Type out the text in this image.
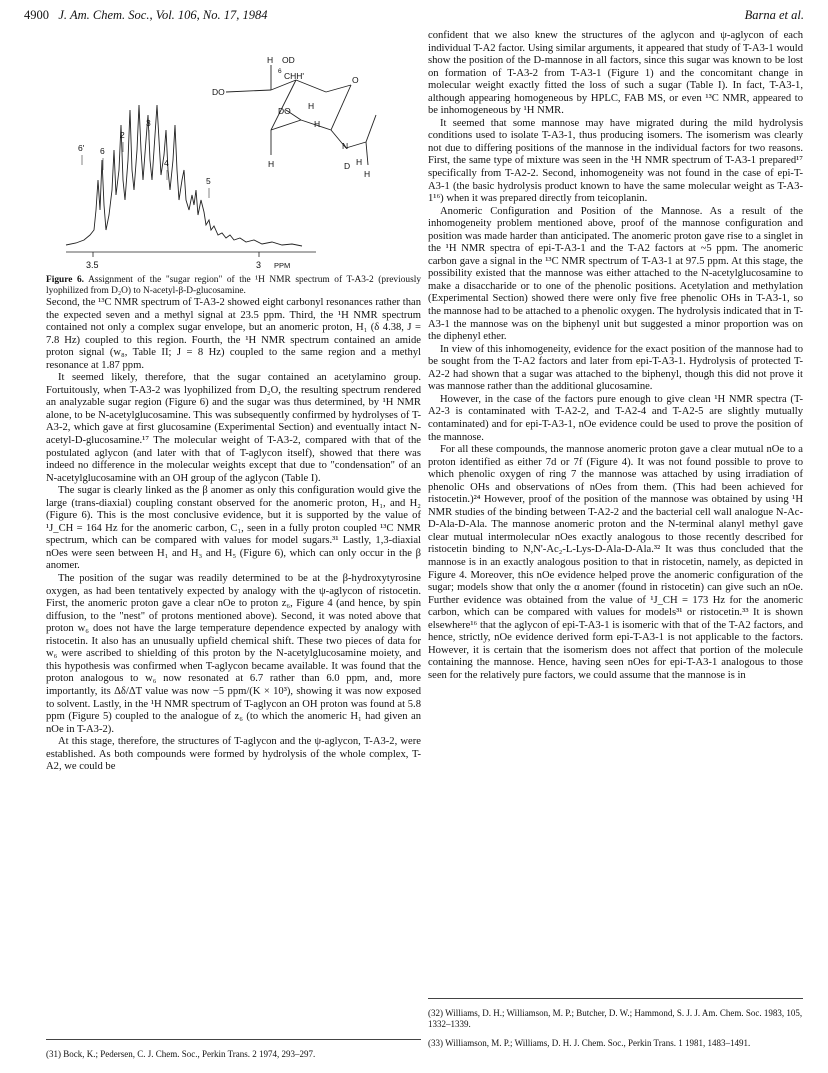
4900 J. Am. Chem. Soc., Vol. 106, No. 17, 1984	Barna et al.
6' 6
2
3
4
5
H OD
6 CHH'
DO
DO H
O
H
N
H
D
H
H
3.5	3 PPM

Figure 6. Assignment of the "sugar region" of the ¹H NMR spectrum of T-A3-2 (previously lyophilized from D₂O) to N-acetyl-β-D-glucosamine.

Second, the ¹³C NMR spectrum of T-A3-2 showed eight carbonyl resonances rather than the expected seven and a methyl signal at 23.5 ppm. Third, the ¹H NMR spectrum contained not only a complex sugar envelope, but an anomeric proton, H₁ (δ 4.38, J = 7.8 Hz) coupled to this region. Fourth, the ¹H NMR spectrum contained an amide proton signal (w₈, Table II; J = 8 Hz) coupled to the same region and a methyl resonance at 1.87 ppm.

It seemed likely, therefore, that the sugar contained an acetylamino group. Fortuitously, when T-A3-2 was lyophilized from D₂O, the resulting spectrum rendered an analyzable sugar region (Figure 6) and the sugar was thus determined, by ¹H NMR alone, to be N-acetylglucosamine. This was subsequently confirmed by hydrolyses of T-A3-2, which gave at first glucosamine (Experimental Section) and eventually intact N-acetyl-D-glucosamine.¹⁷ The molecular weight of T-A3-2, compared with that of the postulated aglycon (and later with that of T-aglycon itself), showed that there was indeed no difference in the molecular weights except that due to "condensation" of an N-acetylglucosamine with an OH group of the aglycon (Table I).

The sugar is clearly linked as the β anomer as only this configuration would give the large (trans-diaxial) coupling constant observed for the anomeric proton, H₁, and H₂ (Figure 6). This is the most conclusive evidence, but it is supported by the value of ¹J_CH = 164 Hz for the anomeric carbon, C₁, seen in a fully proton coupled ¹³C NMR spectrum, which can be compared with values for model sugars.³¹ Lastly, 1,3-diaxial nOes were seen between H₁ and H₃ and H₅ (Figure 6), which can only occur in the β anomer.

The position of the sugar was readily determined to be at the β-hydroxytyrosine oxygen, as had been tentatively expected by analogy with the ψ-aglycon of ristocetin. First, the anomeric proton gave a clear nOe to proton z₆, Figure 4 (and hence, by spin diffusion, to the "nest" of protons mentioned above). Second, it was noted above that proton w₆ does not have the large temperature dependence expected by analogy with ristocetin. It also has an unusually upfield chemical shift. These two pieces of data for w₆ were ascribed to shielding of this proton by the N-acetylglucosamine moiety, and this hypothesis was confirmed when T-aglycon became available. It was found that the proton analogous to w₆ now resonated at 6.7 rather than 6.0 ppm, and, more importantly, its Δδ/ΔT value was now −5 ppm/(K × 10³), showing it was now exposed to solvent. Lastly, in the ¹H NMR spectrum of T-aglycon an OH proton was found at 5.8 ppm (Figure 5) coupled to the analogue of z₆ (to which the anomeric H₁ had given an nOe in T-A3-2).

At this stage, therefore, the structures of T-aglycon and the ψ-aglycon, T-A3-2, were established. As both compounds were formed by hydrolysis of the whole complex, T-A2, we could be

(31) Bock, K.; Pedersen, C. J. Chem. Soc., Perkin Trans. 2 1974, 293–297.

confident that we also knew the structures of the aglycon and ψ-aglycon of each individual T-A2 factor. Using similar arguments, it appeared that study of T-A3-1 would show the position of the D-mannose in all factors, since this sugar was known to be lost on formation of T-A3-2 from T-A3-1 (Figure 1) and the concomitant change in molecular weight exactly fitted the loss of such a sugar (Table I). In fact, T-A3-1, although appearing homogeneous by HPLC, FAB MS, or even ¹³C NMR, appeared to be inhomogeneous by ¹H NMR.

It seemed that some mannose may have migrated during the mild hydrolysis conditions used to isolate T-A3-1, thus producing isomers. The isomerism was clearly not due to differing positions of the mannose in the individual factors for two reasons. First, the same type of mixture was seen in the ¹H NMR spectrum of T-A3-1 prepared¹⁷ specifically from T-A2-2. Second, inhomogeneity was not found in the case of epi-T-A3-1 (the basic hydrolysis product known to have the same molecular weight as T-A3-1¹⁶) when it was prepared directly from teicoplanin.

Anomeric Configuration and Position of the Mannose. As a result of the inhomogeneity problem mentioned above, proof of the mannose configuration and position was made harder than anticipated. The anomeric proton gave rise to a singlet in the ¹H NMR spectra of epi-T-A3-1 and the T-A2 factors at ~5 ppm. The anomeric carbon gave a signal in the ¹³C NMR spectrum of T-A3-1 at 97.5 ppm. At this stage, the possibility existed that the mannose was either attached to the N-acetylglucosamine to make a disaccharide or to one of the phenolic positions. Acetylation and methylation (Experimental Section) showed there were only five free phenolic OHs in T-A3-1, so the mannose had to be attached to a phenolic oxygen. The hydrolysis indicated that in T-A3-1 the mannose was on the biphenyl unit but suggested a minor proportion was on the diphenyl ether.

In view of this inhomogeneity, evidence for the exact position of the mannose had to be sought from the T-A2 factors and later from epi-T-A3-1. Hydrolysis of protected T-A2-2 had shown that a sugar was attached to the biphenyl, though this did not prove it was mannose rather than the additional glucosamine.

However, in the case of the factors pure enough to give clean ¹H NMR spectra (T-A2-3 is contaminated with T-A2-2, and T-A2-4 and T-A2-5 are slightly mutually contaminated) and for epi-T-A3-1, nOe evidence could be used to prove the position of the mannose.

For all these compounds, the mannose anomeric proton gave a clear mutual nOe to a proton identified as either 7d or 7f (Figure 4). It was not found possible to prove to which phenolic oxygen of ring 7 the mannose was attached by using irradiation of phenolic OHs and observations of nOes from them. (This had been achieved for ristocetin.)²⁴ However, proof of the position of the mannose was obtained by using ¹H NMR studies of the binding between T-A2-2 and the bacterial cell wall analogue N-Ac-D-Ala-D-Ala. The mannose anomeric proton and the N-terminal alanyl methyl gave clear mutual intermolecular nOes exactly analogous to those recently described for ristocetin binding to N,N'-Ac₂-L-Lys-D-Ala-D-Ala.³² It was thus concluded that the mannose is in an exactly analogous position to that in ristocetin, namely, as depicted in Figure 4. Moreover, this nOe evidence helped prove the anomeric configuration of the sugar; models show that only the α anomer (found in ristocetin) can give such an nOe. Further evidence was obtained from the value of ¹J_CH = 173 Hz for the anomeric carbon, which can be compared with values for models³¹ or ristocetin.³³ It is shown elsewhere¹⁶ that the aglycon of epi-T-A3-1 is isomeric with that of the T-A2 factors, and hence, strictly, nOe evidence derived form epi-T-A3-1 is not applicable to the factors. However, it is certain that the isomerism does not affect that portion of the molecule containing the mannose. Hence, having seen nOes for epi-T-A3-1 analogous to those seen for the relatively pure factors, we could assume that the mannose is in

(32) Williams, D. H.; Williamson, M. P.; Butcher, D. W.; Hammond, S. J. J. Am. Chem. Soc. 1983, 105, 1332–1339.

(33) Williamson, M. P.; Williams, D. H. J. Chem. Soc., Perkin Trans. 1 1981, 1483–1491.
